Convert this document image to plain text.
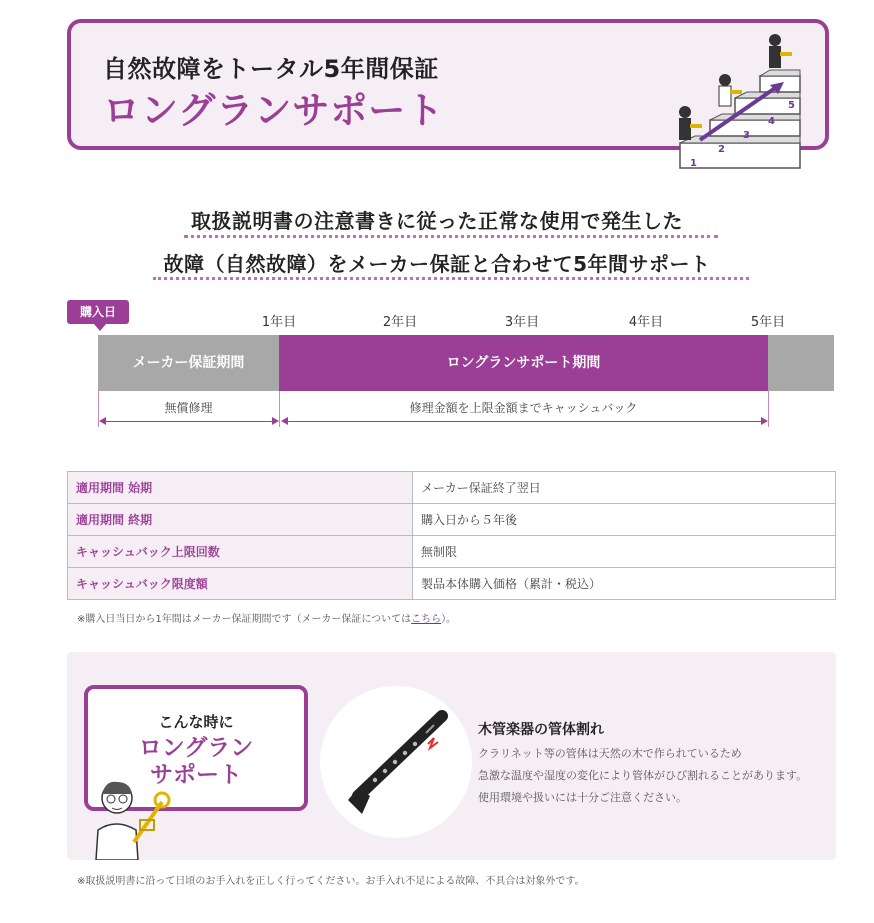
自然故障をトータル5年間保証
ロングランサポート
1
2
3
4
5
取扱説明書の注意書きに従った正常な使用で発生した
故障（自然故障）をメーカー保証と合わせて5年間サポート
購入日
1年目	2年目	3年目	4年目	5年目
メーカー保証期間	ロングランサポート期間
無償修理	修理金額を上限金額までキャッシュバック
適用期間 始期	メーカー保証終了翌日
適用期間 終期	購入日から５年後
キャッシュバック上限回数	無制限
キャッシュバック限度額	製品本体購入価格（累計・税込）
※購入日当日から1年間はメーカー保証期間です（メーカー保証についてはこちら）。
こんな時に
ロングラン
サポート
木管楽器の管体割れ
クラリネット等の管体は天然の木で作られているため
急激な温度や湿度の変化により管体がひび割れることがあります。
使用環境や扱いには十分ご注意ください。
※取扱説明書に沿って日頃のお手入れを正しく行ってください。お手入れ不足による故障、不具合は対象外です。
